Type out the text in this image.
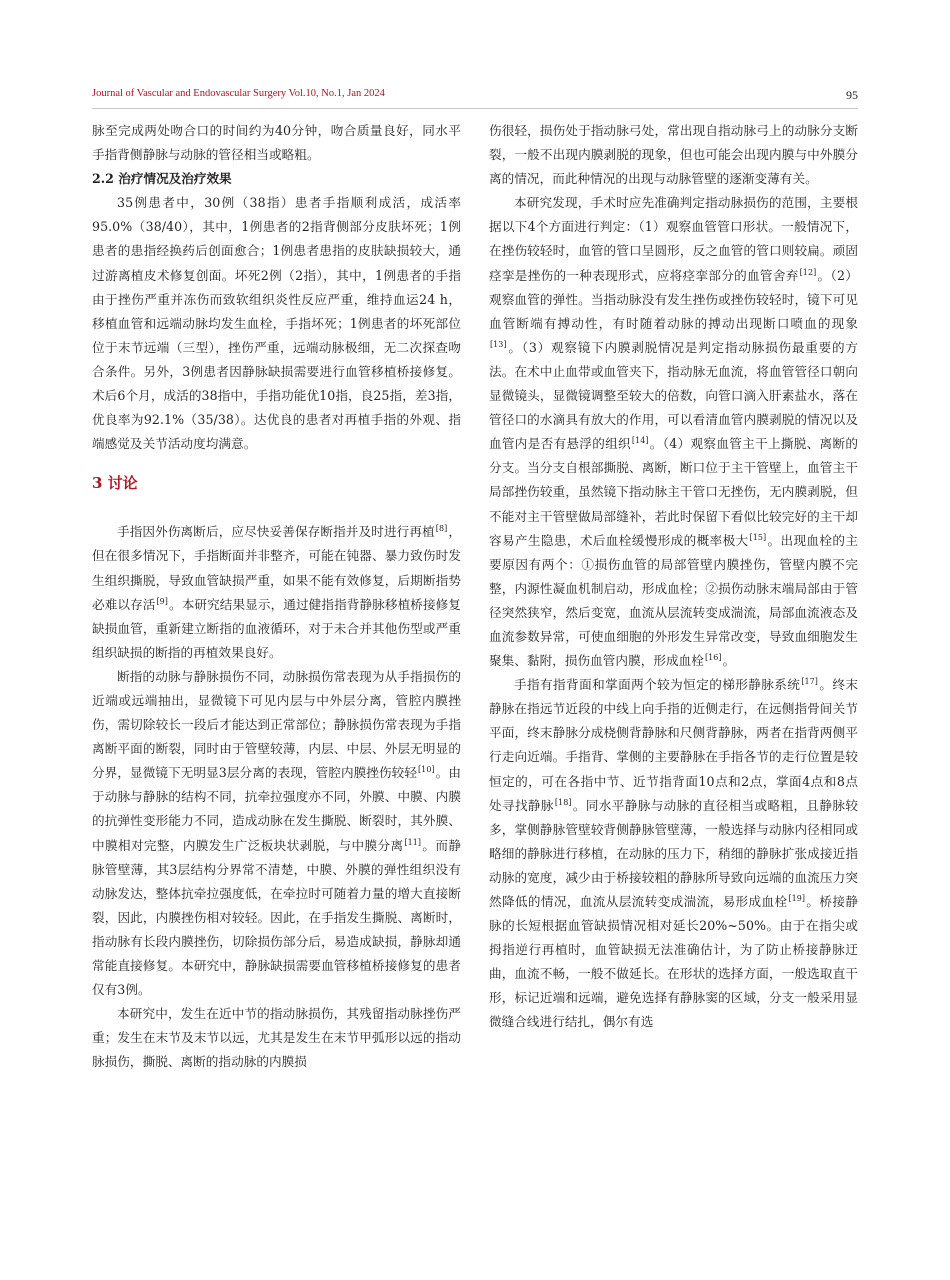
Journal of Vascular and Endovascular Surgery Vol.10, No.1, Jan 2024	95

脉至完成两处吻合口的时间约为40分钟，吻合质量良好，同水平手指背侧静脉与动脉的管径相当或略粗。

2.2 治疗情况及治疗效果

35例患者中，30例（38指）患者手指顺利成活，成活率95.0%（38/40），其中，1例患者的2指背侧部分皮肤坏死；1例患者的患指经换药后创面愈合；1例患者患指的皮肤缺损较大，通过游离植皮术修复创面。坏死2例（2指），其中，1例患者的手指由于挫伤严重并冻伤而致软组织炎性反应严重，维持血运24 h，移植血管和远端动脉均发生血栓，手指坏死；1例患者的坏死部位位于末节远端（三型），挫伤严重，远端动脉极细，无二次探查吻合条件。另外，3例患者因静脉缺损需要进行血管移植桥接修复。术后6个月，成活的38指中，手指功能优10指，良25指，差3指，优良率为92.1%（35/38）。达优良的患者对再植手指的外观、指端感觉及关节活动度均满意。

3 讨论

手指因外伤离断后，应尽快妥善保存断指并及时进行再植[8]，但在很多情况下，手指断面并非整齐，可能在钝器、暴力致伤时发生组织撕脱，导致血管缺损严重，如果不能有效修复，后期断指势必难以存活[9]。本研究结果显示，通过健指指背静脉移植桥接修复缺损血管，重新建立断指的血液循环，对于未合并其他伤型或严重组织缺损的断指的再植效果良好。

断指的动脉与静脉损伤不同，动脉损伤常表现为从手指损伤的近端或远端抽出，显微镜下可见内层与中外层分离，管腔内膜挫伤，需切除较长一段后才能达到正常部位；静脉损伤常表现为手指离断平面的断裂，同时由于管壁较薄，内层、中层、外层无明显的分界，显微镜下无明显3层分离的表现，管腔内膜挫伤较轻[10]。由于动脉与静脉的结构不同，抗牵拉强度亦不同，外膜、中膜、内膜的抗弹性变形能力不同，造成动脉在发生撕脱、断裂时，其外膜、中膜相对完整，内膜发生广泛板块状剥脱，与中膜分离[11]。而静脉管壁薄，其3层结构分界常不清楚，中膜、外膜的弹性组织没有动脉发达，整体抗牵拉强度低，在牵拉时可随着力量的增大直接断裂，因此，内膜挫伤相对较轻。因此，在手指发生撕脱、离断时，指动脉有长段内膜挫伤，切除损伤部分后，易造成缺损，静脉却通常能直接修复。本研究中，静脉缺损需要血管移植桥接修复的患者仅有3例。

本研究中，发生在近中节的指动脉损伤，其残留指动脉挫伤严重；发生在末节及末节以远，尤其是发生在末节甲弧形以远的指动脉损伤，撕脱、离断的指动脉的内膜损

伤很轻，损伤处于指动脉弓处，常出现自指动脉弓上的动脉分支断裂，一般不出现内膜剥脱的现象，但也可能会出现内膜与中外膜分离的情况，而此种情况的出现与动脉管壁的逐渐变薄有关。

本研究发现，手术时应先准确判定指动脉损伤的范围，主要根据以下4个方面进行判定：（1）观察血管管口形状。一般情况下，在挫伤较轻时，血管的管口呈圆形，反之血管的管口则较扁。顽固痉挛是挫伤的一种表现形式，应将痉挛部分的血管舍弃[12]。（2）观察血管的弹性。当指动脉没有发生挫伤或挫伤较轻时，镜下可见血管断端有搏动性，有时随着动脉的搏动出现断口喷血的现象[13]。（3）观察镜下内膜剥脱情况是判定指动脉损伤最重要的方法。在术中止血带或血管夹下，指动脉无血流，将血管管径口朝向显微镜头，显微镜调整至较大的倍数，向管口滴入肝素盐水，落在管径口的水滴具有放大的作用，可以看清血管内膜剥脱的情况以及血管内是否有悬浮的组织[14]。（4）观察血管主干上撕脱、离断的分支。当分支自根部撕脱、离断，断口位于主干管壁上，血管主干局部挫伤较重，虽然镜下指动脉主干管口无挫伤，无内膜剥脱，但不能对主干管壁做局部缝补，若此时保留下看似比较完好的主干却容易产生隐患，术后血栓缓慢形成的概率极大[15]。出现血栓的主要原因有两个：①损伤血管的局部管壁内膜挫伤，管壁内膜不完整，内源性凝血机制启动，形成血栓；②损伤动脉末端局部由于管径突然狭窄，然后变宽，血流从层流转变成湍流，局部血流液态及血流参数异常，可使血细胞的外形发生异常改变，导致血细胞发生聚集、黏附，损伤血管内膜，形成血栓[16]。

手指有指背面和掌面两个较为恒定的梯形静脉系统[17]。终末静脉在指远节近段的中线上向手指的近侧走行，在远侧指骨间关节平面，终末静脉分成桡侧背静脉和尺侧背静脉，两者在指背两侧平行走向近端。手指背、掌侧的主要静脉在手指各节的走行位置是较恒定的，可在各指中节、近节指背面10点和2点，掌面4点和8点处寻找静脉[18]。同水平静脉与动脉的直径相当或略粗，且静脉较多，掌侧静脉管壁较背侧静脉管壁薄，一般选择与动脉内径相同或略细的静脉进行移植，在动脉的压力下，稍细的静脉扩张成接近指动脉的宽度，减少由于桥接较粗的静脉所导致向远端的血流压力突然降低的情况，血流从层流转变成湍流，易形成血栓[19]。桥接静脉的长短根据血管缺损情况相对延长20%~50%。由于在指尖或拇指逆行再植时，血管缺损无法准确估计，为了防止桥接静脉迂曲，血流不畅，一般不做延长。在形状的选择方面，一般选取直干形，标记近端和远端，避免选择有静脉窦的区域，分支一般采用显微缝合线进行结扎，偶尔有选
